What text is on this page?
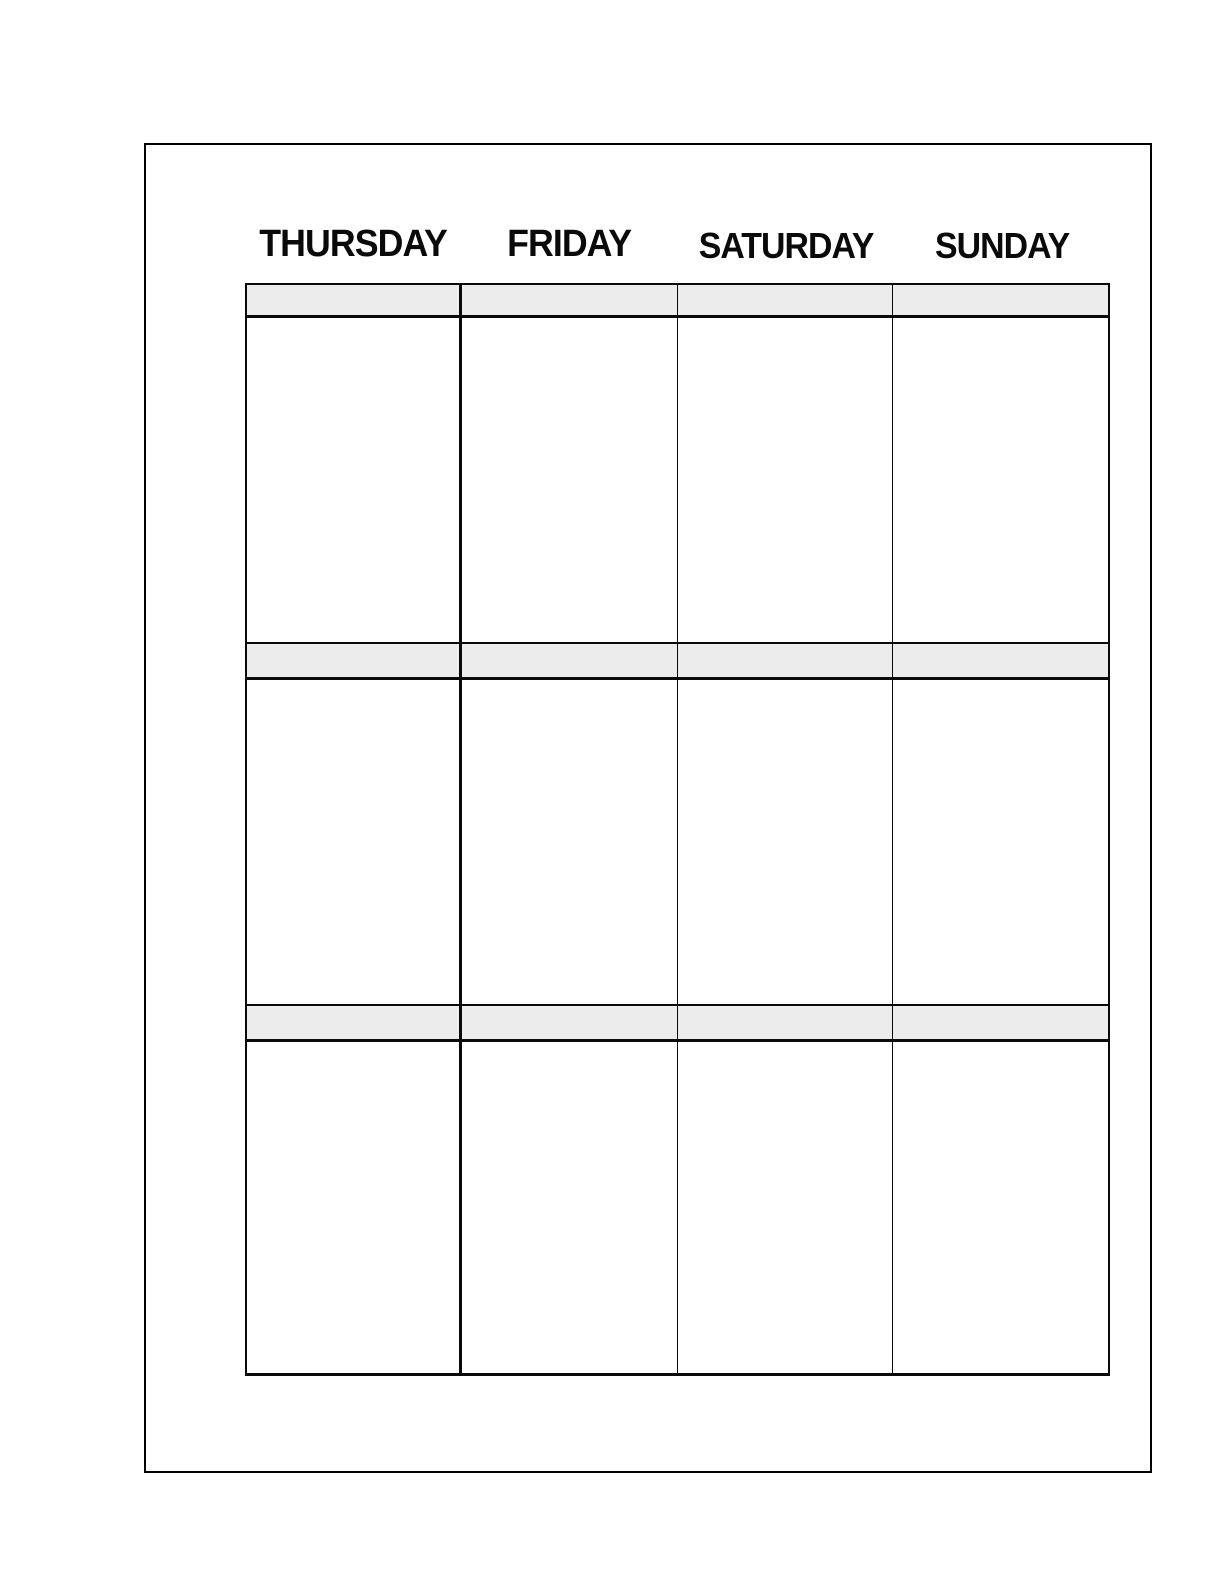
THURSDAY	FRIDAY	SATURDAY	SUNDAY
